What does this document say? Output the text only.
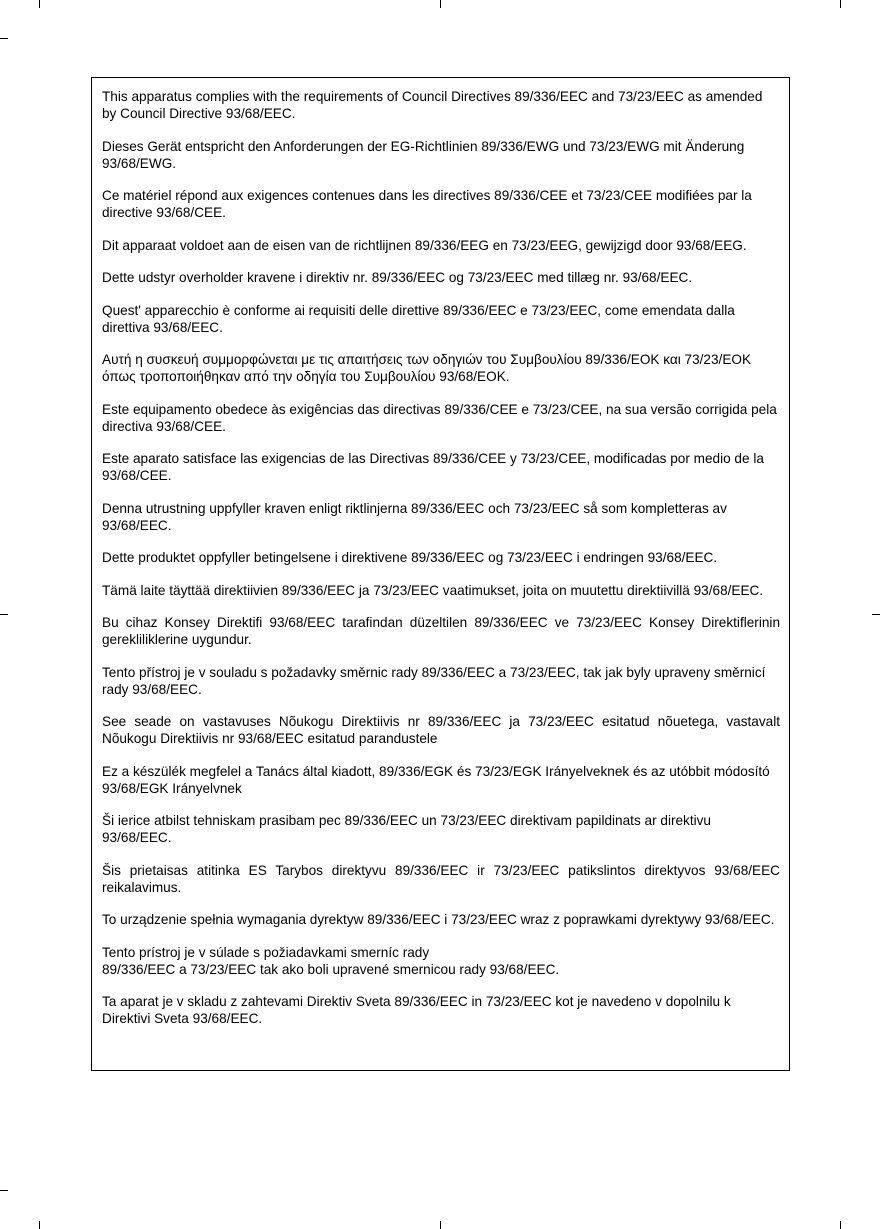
This apparatus complies with the requirements of Council Directives 89/336/EEC and 73/23/EEC as amended by Council Directive 93/68/EEC.

Dieses Gerät entspricht den Anforderungen der EG-Richtlinien 89/336/EWG und 73/23/EWG mit Änderung 93/68/EWG.

Ce matériel répond aux exigences contenues dans les directives 89/336/CEE et 73/23/CEE modifiées par la directive 93/68/CEE.

Dit apparaat voldoet aan de eisen van de richtlijnen 89/336/EEG en 73/23/EEG, gewijzigd door 93/68/EEG.

Dette udstyr overholder kravene i direktiv nr. 89/336/EEC og 73/23/EEC med tillæg nr. 93/68/EEC.

Quest' apparecchio è conforme ai requisiti delle direttive 89/336/EEC e 73/23/EEC, come emendata dalla direttiva 93/68/EEC.

Αυτή η συσκευή συμμορφώνεται με τις απαιτήσεις των οδηγιών του Συμβουλίου 89/336/ΕΟΚ και 73/23/ΕΟΚ όπως τροποποιήθηκαν από την οδηγία του Συμβουλίου 93/68/ΕΟΚ.

Este equipamento obedece às exigências das directivas 89/336/CEE e 73/23/CEE, na sua versão corrigida pela directiva 93/68/CEE.

Este aparato satisface las exigencias de las Directivas 89/336/CEE y 73/23/CEE, modificadas por medio de la 93/68/CEE.

Denna utrustning uppfyller kraven enligt riktlinjerna 89/336/EEC och 73/23/EEC så som kompletteras av 93/68/EEC.

Dette produktet oppfyller betingelsene i direktivene 89/336/EEC og 73/23/EEC i endringen 93/68/EEC.

Tämä laite täyttää direktiivien 89/336/EEC ja 73/23/EEC vaatimukset, joita on muutettu direktiivillä 93/68/EEC.

Bu cihaz Konsey Direktifi 93/68/EEC tarafindan düzeltilen 89/336/EEC ve 73/23/EEC Konsey Direktiflerinin gerekliliklerine uygundur.

Tento přístroj je v souladu s požadavky směrnic rady 89/336/EEC a 73/23/EEC, tak jak byly upraveny směrnicí rady 93/68/EEC.

See seade on vastavuses Nõukogu Direktiivis nr 89/336/EEC ja 73/23/EEC esitatud nõuetega, vastavalt Nõukogu Direktiivis nr 93/68/EEC esitatud parandustele

Ez a készülék megfelel a Tanács által kiadott, 89/336/EGK és 73/23/EGK Irányelveknek és az utóbbit módosító 93/68/EGK Irányelvnek

Ši ierice atbilst tehniskam prasibam pec 89/336/EEC un 73/23/EEC direktivam papildinats ar direktivu 93/68/EEC.

Šis prietaisas atitinka ES Tarybos direktyvu 89/336/EEC ir 73/23/EEC patikslintos direktyvos 93/68/EEC reikalavimus.

To urządzenie spełnia wymagania dyrektyw 89/336/EEC i 73/23/EEC wraz z poprawkami dyrektywy 93/68/EEC.

Tento prístroj je v súlade s požiadavkami smerníc rady
89/336/EEC a 73/23/EEC tak ako boli upravené smernicou rady 93/68/EEC.

Ta aparat je v skladu z zahtevami Direktiv Sveta 89/336/EEC in 73/23/EEC kot je navedeno v dopolnilu k Direktivi Sveta 93/68/EEC.
